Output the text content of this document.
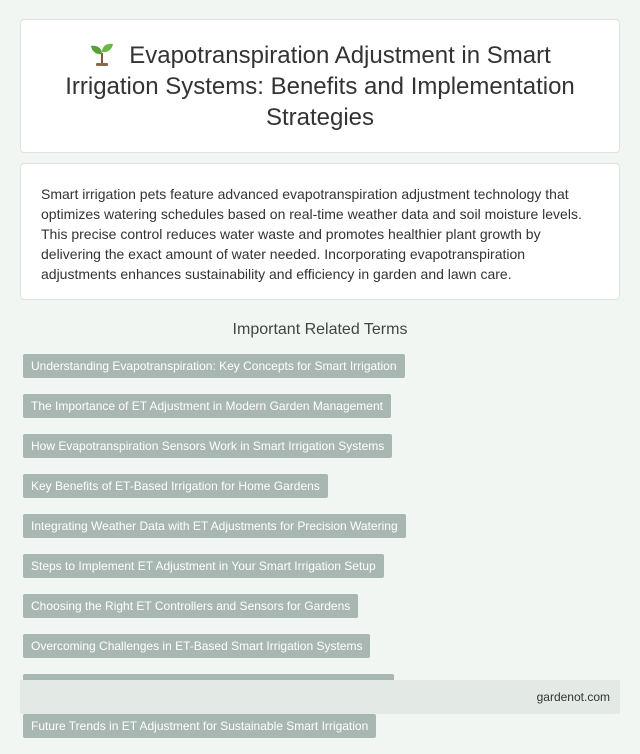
Evapotranspiration Adjustment in Smart Irrigation Systems: Benefits and Implementation Strategies

Smart irrigation pets feature advanced evapotranspiration adjustment technology that optimizes watering schedules based on real-time weather data and soil moisture levels. This precise control reduces water waste and promotes healthier plant growth by delivering the exact amount of water needed. Incorporating evapotranspiration adjustments enhances sustainability and efficiency in garden and lawn care.

Important Related Terms
Understanding Evapotranspiration: Key Concepts for Smart Irrigation
The Importance of ET Adjustment in Modern Garden Management
How Evapotranspiration Sensors Work in Smart Irrigation Systems
Key Benefits of ET-Based Irrigation for Home Gardens
Integrating Weather Data with ET Adjustments for Precision Watering
Steps to Implement ET Adjustment in Your Smart Irrigation Setup
Choosing the Right ET Controllers and Sensors for Gardens
Overcoming Challenges in ET-Based Smart Irrigation Systems
Future Trends in ET Adjustment for Sustainable Smart Irrigation
gardenot.com
